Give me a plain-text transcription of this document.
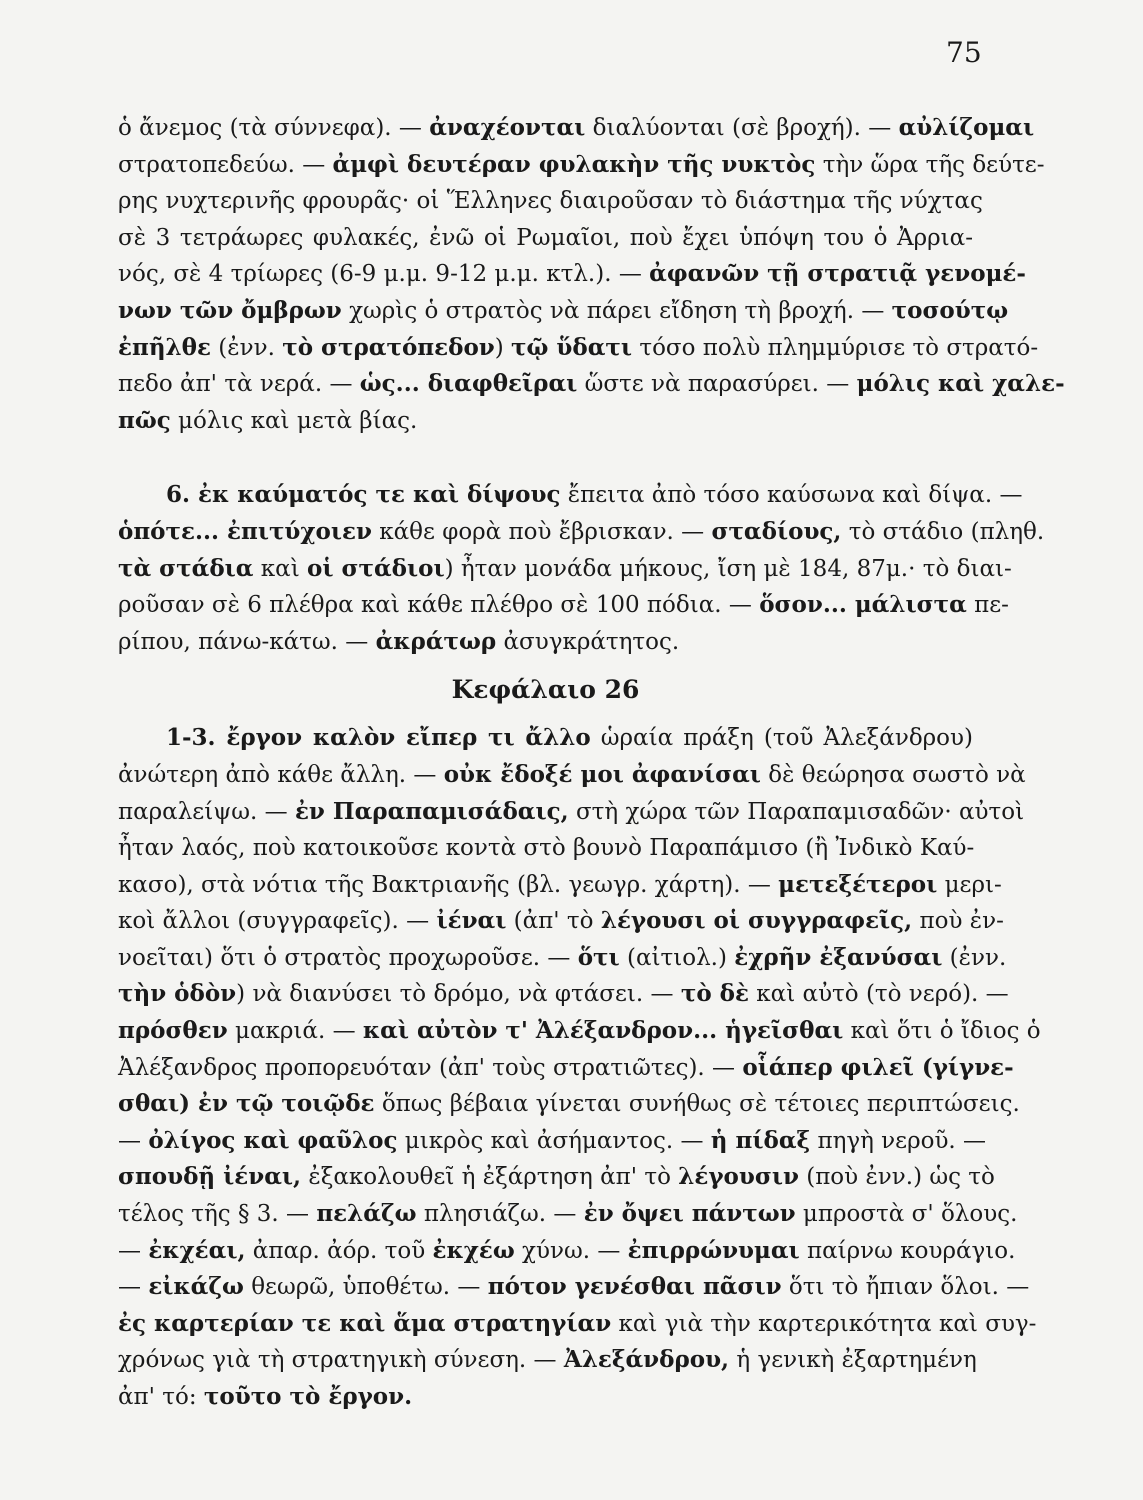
75
ὁ ἄνεμος (τὰ σύννεφα). — ἀναχέονται διαλύονται (σὲ βροχή). — αὐλίζομαι
στρατοπεδεύω. — ἀμφὶ δευτέραν φυλακὴν τῆς νυκτὸς τὴν ὥρα τῆς δεύτε-
ρης νυχτερινῆς φρουρᾶς· οἱ Ἕλληνες διαιροῦσαν τὸ διάστημα τῆς νύχτας
σὲ 3 τετράωρες φυλακές, ἐνῶ οἱ Ρωμαῖοι, ποὺ ἔχει ὑπόψη του ὁ Ἀρρια-
νός, σὲ 4 τρίωρες (6-9 μ.μ. 9-12 μ.μ. κτλ.). — ἀφανῶν τῇ στρατιᾷ γενομέ-
νων τῶν ὄμβρων χωρὶς ὁ στρατὸς νὰ πάρει εἴδηση τὴ βροχή. — τοσούτῳ
ἐπῆλθε (ἐνν. τὸ στρατόπεδον) τῷ ὕδατι τόσο πολὺ πλημμύρισε τὸ στρατό-
πεδο ἀπ' τὰ νερά. — ὡς... διαφθεῖραι ὥστε νὰ παρασύρει. — μόλις καὶ χαλε-
πῶς μόλις καὶ μετὰ βίας.
6. ἐκ καύματός τε καὶ δίψους ἔπειτα ἀπὸ τόσο καύσωνα καὶ δίψα. —
ὁπότε... ἐπιτύχοιεν κάθε φορὰ ποὺ ἔβρισκαν. — σταδίους, τὸ στάδιο (πληθ.
τὰ στάδια καὶ οἱ στάδιοι) ἦταν μονάδα μήκους, ἴση μὲ 184, 87μ.· τὸ διαι-
ροῦσαν σὲ 6 πλέθρα καὶ κάθε πλέθρο σὲ 100 πόδια. — ὅσον... μάλιστα πε-
ρίπου, πάνω-κάτω. — ἀκράτωρ ἀσυγκράτητος.
Κεφάλαιο 26
1-3. ἔργον καλὸν εἴπερ τι ἄλλο ὡραία πράξη (τοῦ Ἀλεξάνδρου)
ἀνώτερη ἀπὸ κάθε ἄλλη. — οὐκ ἔδοξέ μοι ἀφανίσαι δὲ θεώρησα σωστὸ νὰ
παραλείψω. — ἐν Παραπαμισάδαις, στὴ χώρα τῶν Παραπαμισαδῶν· αὐτοὶ
ἦταν λαός, ποὺ κατοικοῦσε κοντὰ στὸ βουνὸ Παραπάμισο (ἢ Ἰνδικὸ Καύ-
κασο), στὰ νότια τῆς Βακτριανῆς (βλ. γεωγρ. χάρτη). — μετεξέτεροι μερι-
κοὶ ἄλλοι (συγγραφεῖς). — ἰέναι (ἀπ' τὸ λέγουσι οἱ συγγραφεῖς, ποὺ ἐν-
νοεῖται) ὅτι ὁ στρατὸς προχωροῦσε. — ὅτι (αἰτιολ.) ἐχρῆν ἐξανύσαι (ἐνν.
τὴν ὁδὸν) νὰ διανύσει τὸ δρόμο, νὰ φτάσει. — τὸ δὲ καὶ αὐτὸ (τὸ νερό). —
πρόσθεν μακριά. — καὶ αὐτὸν τ' Ἀλέξανδρον... ἡγεῖσθαι καὶ ὅτι ὁ ἴδιος ὁ
Ἀλέξανδρος προπορευόταν (ἀπ' τοὺς στρατιῶτες). — οἷάπερ φιλεῖ (γίγνε-
σθαι) ἐν τῷ τοιῷδε ὅπως βέβαια γίνεται συνήθως σὲ τέτοιες περιπτώσεις.
— ὀλίγος καὶ φαῦλος μικρὸς καὶ ἀσήμαντος. — ἡ πίδαξ πηγὴ νεροῦ. —
σπουδῇ ἰέναι, ἐξακολουθεῖ ἡ ἐξάρτηση ἀπ' τὸ λέγουσιν (ποὺ ἐνν.) ὡς τὸ
τέλος τῆς § 3. — πελάζω πλησιάζω. — ἐν ὄψει πάντων μπροστὰ σ' ὅλους.
— ἐκχέαι, ἀπαρ. ἀόρ. τοῦ ἐκχέω χύνω. — ἐπιρρώνυμαι παίρνω κουράγιο.
— εἰκάζω θεωρῶ, ὑποθέτω. — πότον γενέσθαι πᾶσιν ὅτι τὸ ἤπιαν ὅλοι. —
ἐς καρτερίαν τε καὶ ἅμα στρατηγίαν καὶ γιὰ τὴν καρτερικότητα καὶ συγ-
χρόνως γιὰ τὴ στρατηγικὴ σύνεση. — Ἀλεξάνδρου, ἡ γενικὴ ἐξαρτημένη
ἀπ' τό: τοῦτο τὸ ἔργον.
